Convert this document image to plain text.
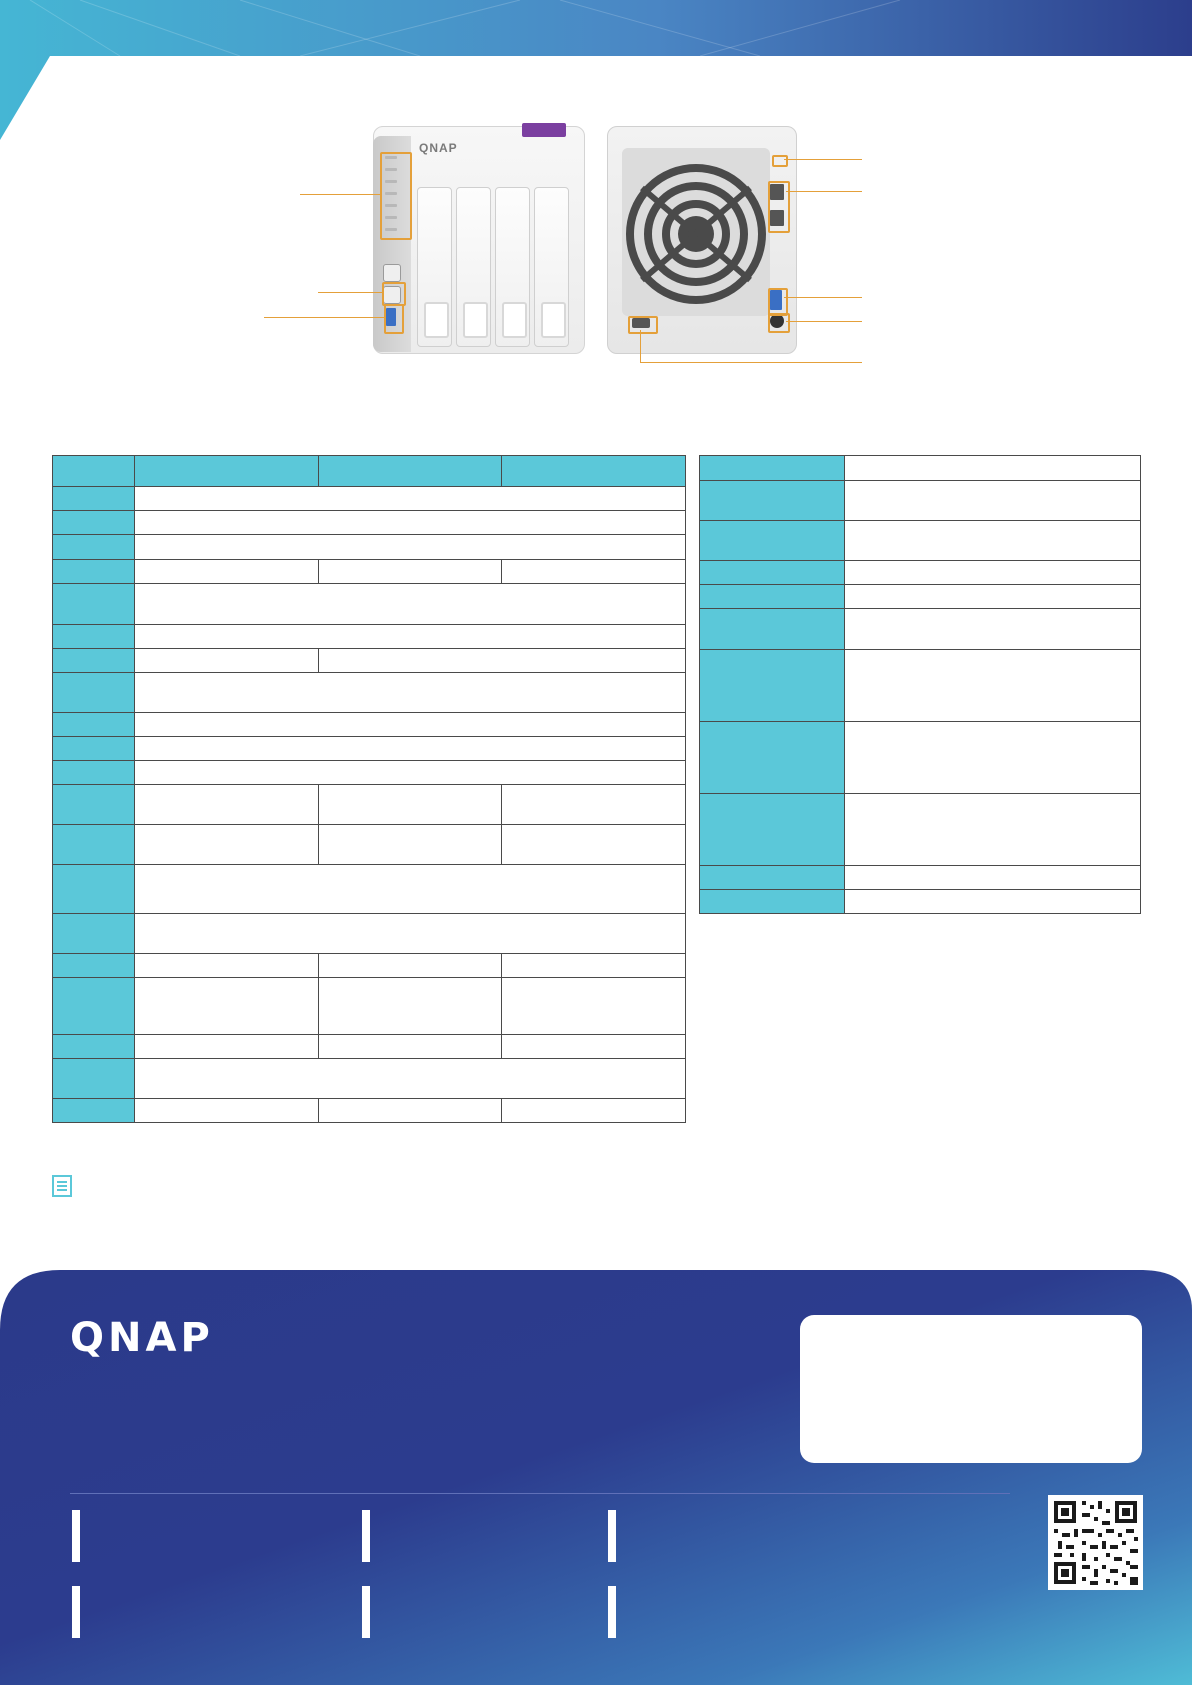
QNAP

QNAP
